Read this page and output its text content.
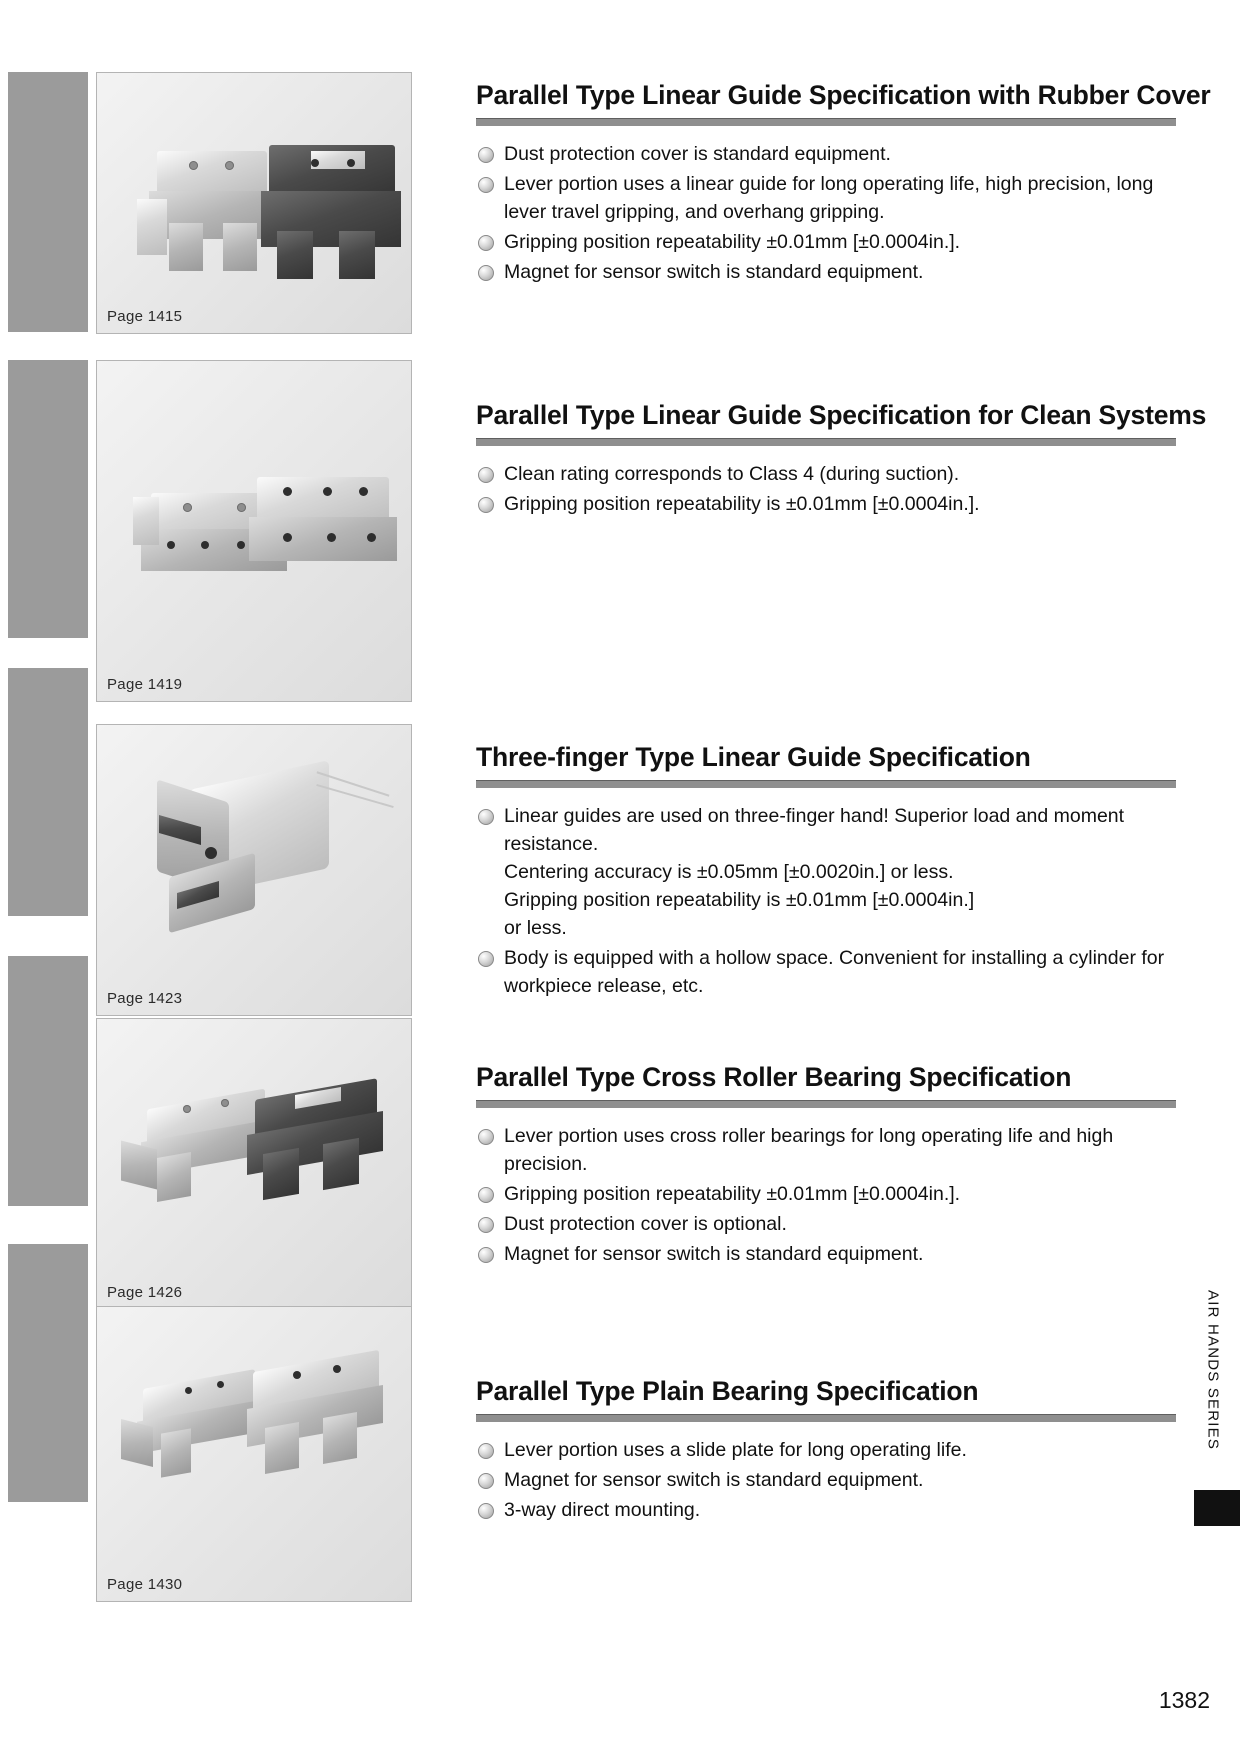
Page 1415
Parallel Type Linear Guide Specification with Rubber Cover
Dust protection cover is standard equipment.
Lever portion uses a linear guide for long operating life, high precision, long lever travel gripping, and overhang gripping.
Gripping position repeatability ±0.01mm [±0.0004in.].
Magnet for sensor switch is standard equipment.
Page 1419
Parallel Type Linear Guide Specification for Clean Systems
Clean rating corresponds to Class 4 (during suction).
Gripping position repeatability is ±0.01mm [±0.0004in.].
Page 1423
Three-finger Type Linear Guide Specification
Linear guides are used on three-finger hand! Superior load and moment resistance.
Centering accuracy is ±0.05mm [±0.0020in.] or less.
Gripping position repeatability is ±0.01mm [±0.0004in.]
or less.
Body is equipped with a hollow space. Convenient for installing a cylinder for workpiece release, etc.
Page 1426
Parallel Type Cross Roller Bearing Specification
Lever portion uses cross roller bearings for long operating life and high precision.
Gripping position repeatability ±0.01mm [±0.0004in.].
Dust protection cover is optional.
Magnet for sensor switch is standard equipment.
Page 1430
Parallel Type Plain Bearing Specification
Lever portion uses a slide plate for long operating life.
Magnet for sensor switch is standard equipment.
3-way direct mounting.
AIR HANDS SERIES
1382
